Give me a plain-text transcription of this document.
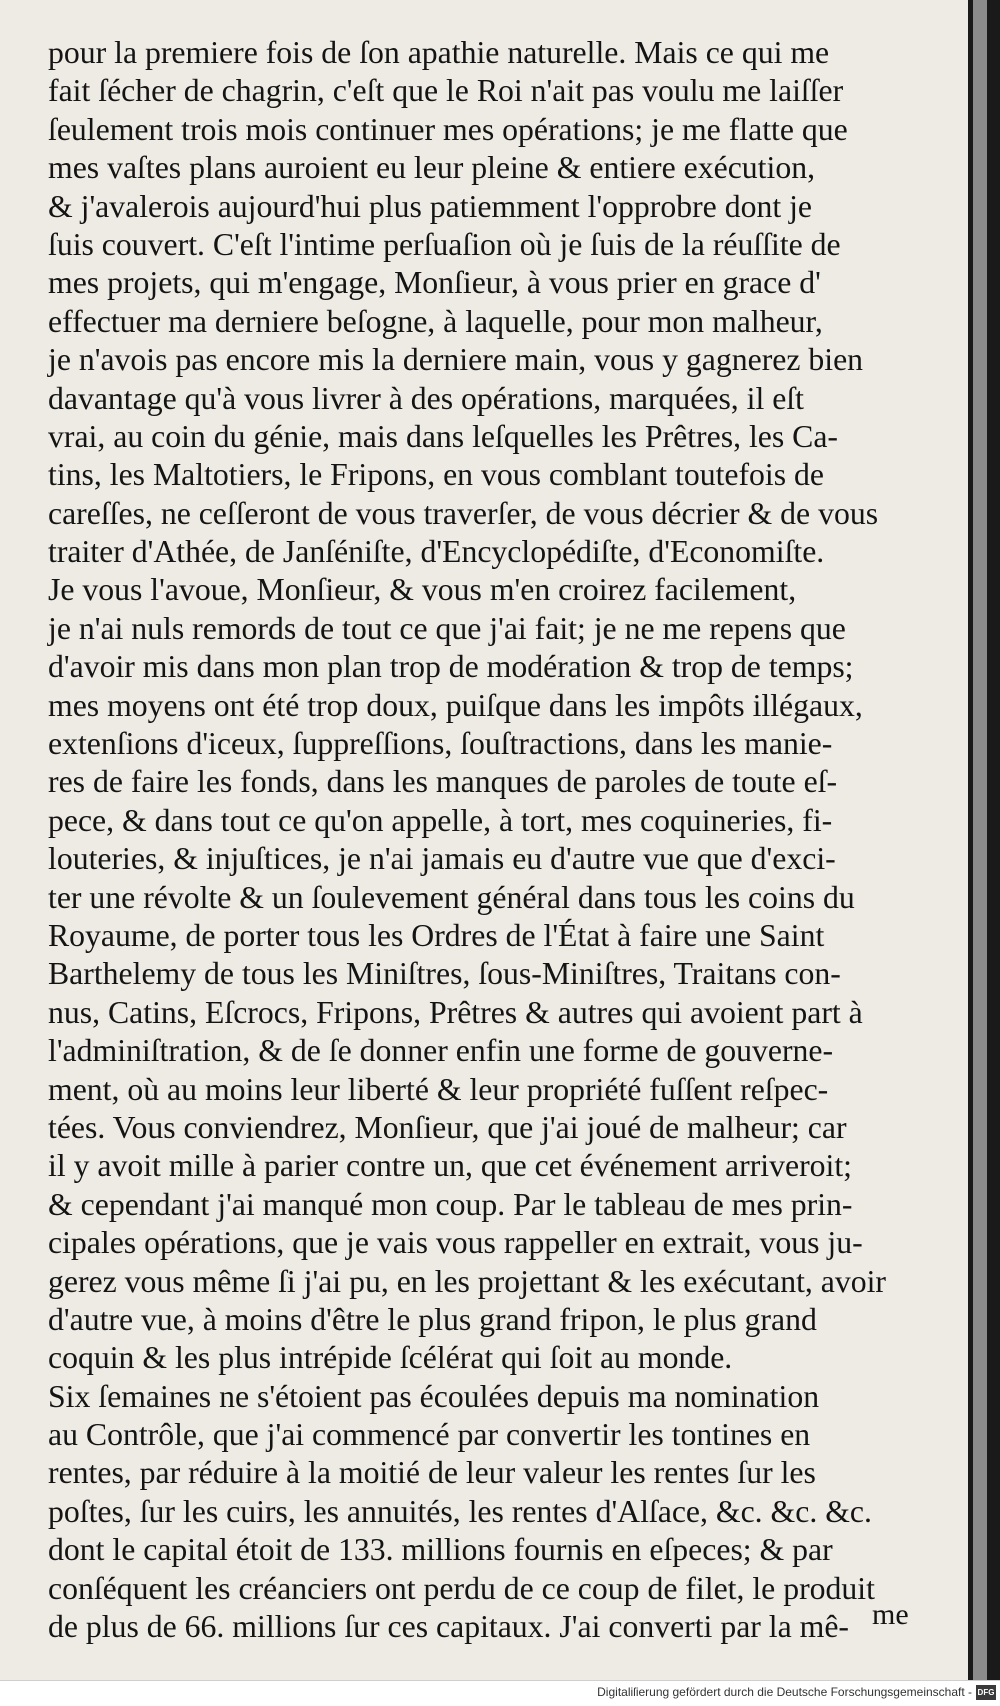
pour la premiere fois de ſon apathie naturelle. Mais ce qui me
fait ſécher de chagrin, c'eſt que le Roi n'ait pas voulu me laiſſer
ſeulement trois mois continuer mes opérations; je me flatte que
mes vaſtes plans auroient eu leur pleine & entiere exécution,
& j'avalerois aujourd'hui plus patiemment l'opprobre dont je
ſuis couvert. C'eſt l'intime perſuaſion où je ſuis de la réuſſite de
mes projets, qui m'engage, Monſieur, à vous prier en grace d'
effectuer ma derniere beſogne, à laquelle, pour mon malheur,
je n'avois pas encore mis la derniere main, vous y gagnerez bien
davantage qu'à vous livrer à des opérations, marquées, il eſt
vrai, au coin du génie, mais dans leſquelles les Prêtres, les Ca-
tins, les Maltotiers, le Fripons, en vous comblant toutefois de
careſſes, ne ceſſeront de vous traverſer, de vous décrier & de vous
traiter d'Athée, de Janſéniſte, d'Encyclopédiſte, d'Economiſte.
Je vous l'avoue, Monſieur, & vous m'en croirez facilement,
je n'ai nuls remords de tout ce que j'ai fait; je ne me repens que
d'avoir mis dans mon plan trop de modération & trop de temps;
mes moyens ont été trop doux, puiſque dans les impôts illégaux,
extenſions d'iceux, ſuppreſſions, ſouſtractions, dans les manie-
res de faire les fonds, dans les manques de paroles de toute eſ-
pece, & dans tout ce qu'on appelle, à tort, mes coquineries, fi-
louteries, & injuſtices, je n'ai jamais eu d'autre vue que d'exci-
ter une révolte & un ſoulevement général dans tous les coins du
Royaume, de porter tous les Ordres de l'État à faire une Saint
Barthelemy de tous les Miniſtres, ſous-Miniſtres, Traitans con-
nus, Catins, Eſcrocs, Fripons, Prêtres & autres qui avoient part à
l'adminiſtration, & de ſe donner enfin une forme de gouverne-
ment, où au moins leur liberté & leur propriété fuſſent reſpec-
tées. Vous conviendrez, Monſieur, que j'ai joué de malheur; car
il y avoit mille à parier contre un, que cet événement arriveroit;
& cependant j'ai manqué mon coup. Par le tableau de mes prin-
cipales opérations, que je vais vous rappeller en extrait, vous ju-
gerez vous même ſi j'ai pu, en les projettant & les exécutant, avoir
d'autre vue, à moins d'être le plus grand fripon, le plus grand
coquin & les plus intrépide ſcélérat qui ſoit au monde.
Six ſemaines ne s'étoient pas écoulées depuis ma nomination
au Contrôle, que j'ai commencé par convertir les tontines en
rentes, par réduire à la moitié de leur valeur les rentes ſur les
poſtes, ſur les cuirs, les annuités, les rentes d'Alſace, &c. &c. &c.
dont le capital étoit de 133. millions fournis en eſpeces; & par
conſéquent les créanciers ont perdu de ce coup de filet, le produit
de plus de 66. millions ſur ces capitaux. J'ai converti par la mê- me
Digitaliſierung gefördert durch die Deutsche Forschungsgemeinschaft - DFG
